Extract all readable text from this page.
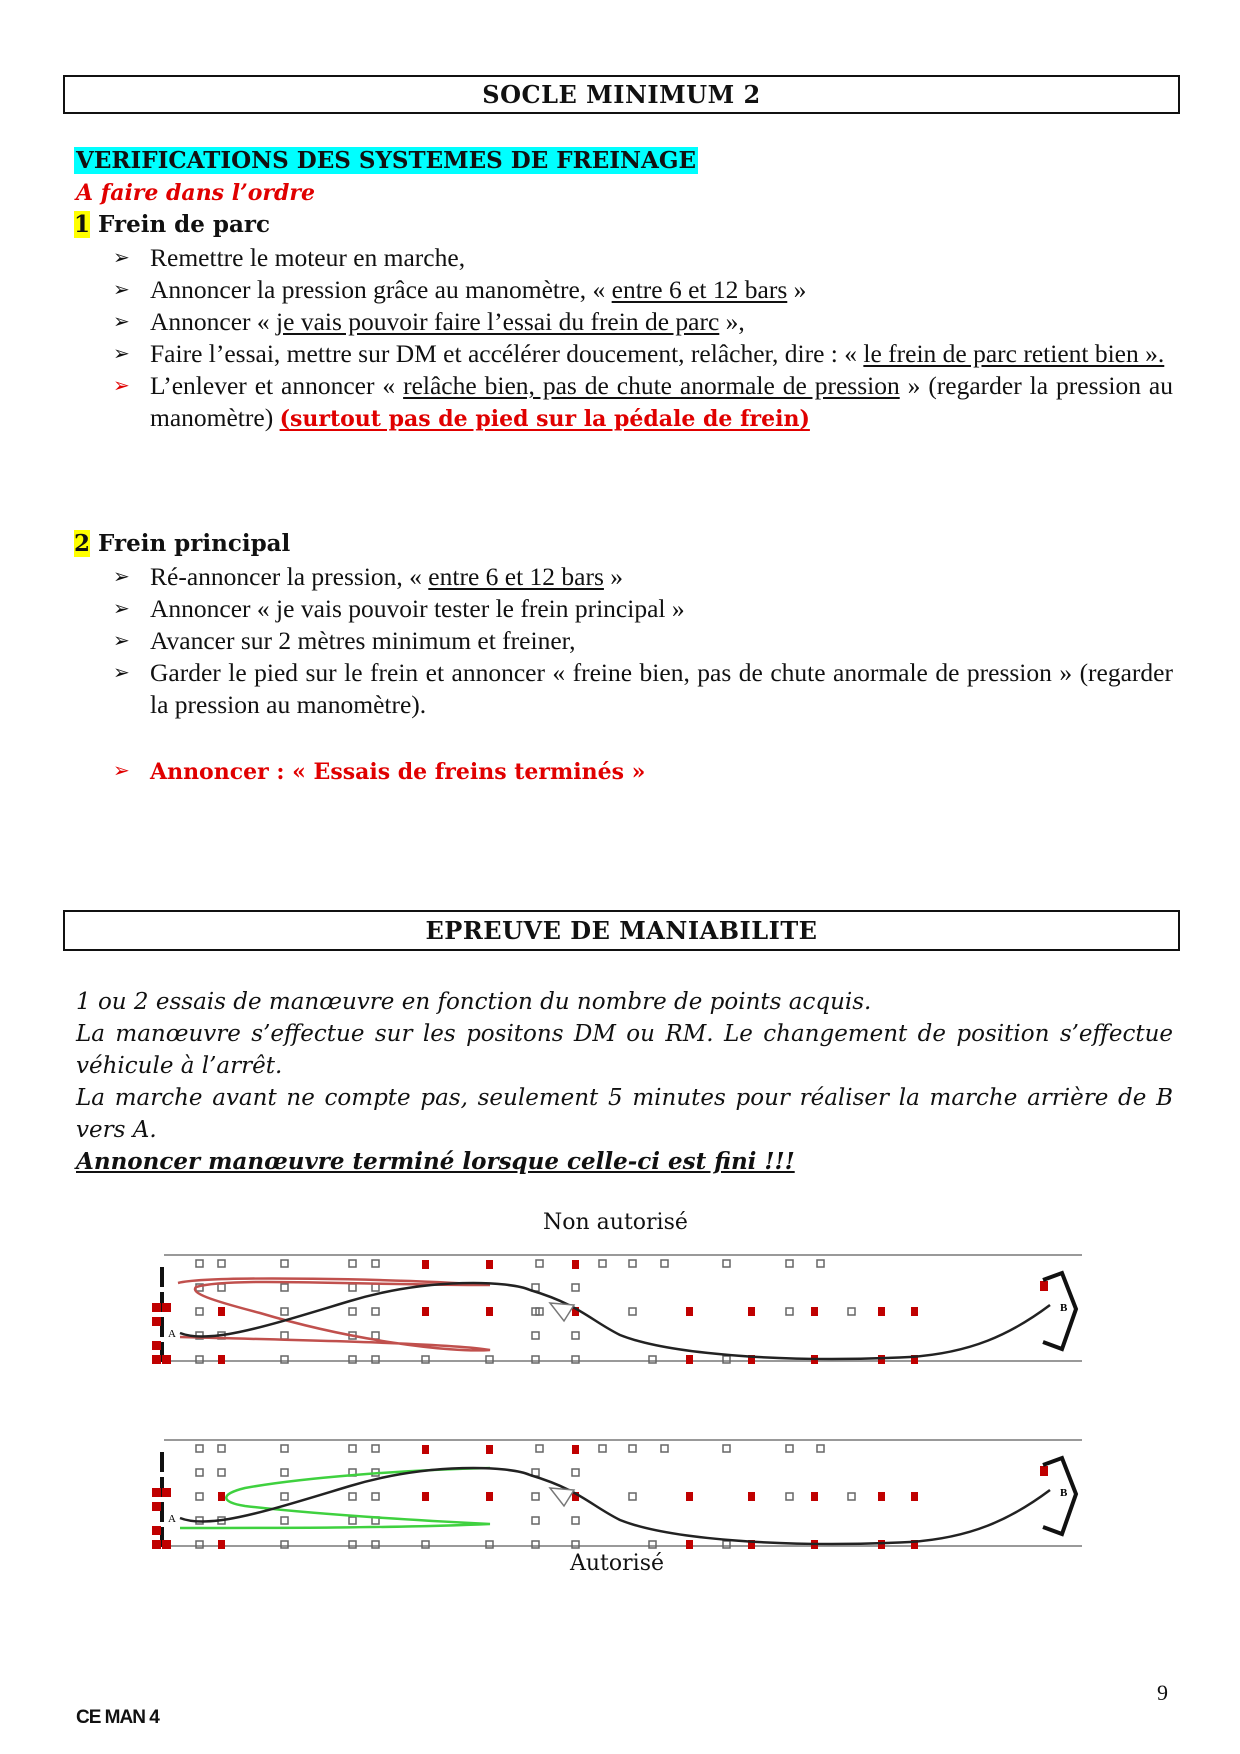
SOCLE MINIMUM 2
VERIFICATIONS DES SYSTEMES DE FREINAGE
A faire dans l’ordre
1 Frein de parc
➢ Remettre le moteur en marche,
➢ Annoncer la pression grâce au manomètre, « entre 6 et 12 bars »
➢ Annoncer « je vais pouvoir faire l’essai du frein de parc »,
➢ Faire l’essai, mettre sur DM et accélérer doucement, relâcher, dire : « le frein de parc retient bien ».
➢ L’enlever et annoncer « relâche bien, pas de chute anormale de pression » (regarder la pression au manomètre) (surtout pas de pied sur la pédale de frein)
2 Frein principal
➢ Ré-annoncer la pression, « entre 6 et 12 bars »
➢ Annoncer « je vais pouvoir tester le frein principal »
➢ Avancer sur 2 mètres minimum et freiner,
➢ Garder le pied sur le frein et annoncer « freine bien, pas de chute anormale de pression » (regarder la pression au manomètre).
➢ Annoncer : « Essais de freins terminés »
EPREUVE DE MANIABILITE
1 ou 2 essais de manœuvre en fonction du nombre de points acquis.
La manœuvre s’effectue sur les positons DM ou RM. Le changement de position s’effectue véhicule à l’arrêt.
La marche avant ne compte pas, seulement 5 minutes pour réaliser la marche arrière de B vers A.
Annoncer manœuvre terminé lorsque celle-ci est fini !!!
Non autorisé
A
B
A
B
Autorisé
9
CE MAN 4
